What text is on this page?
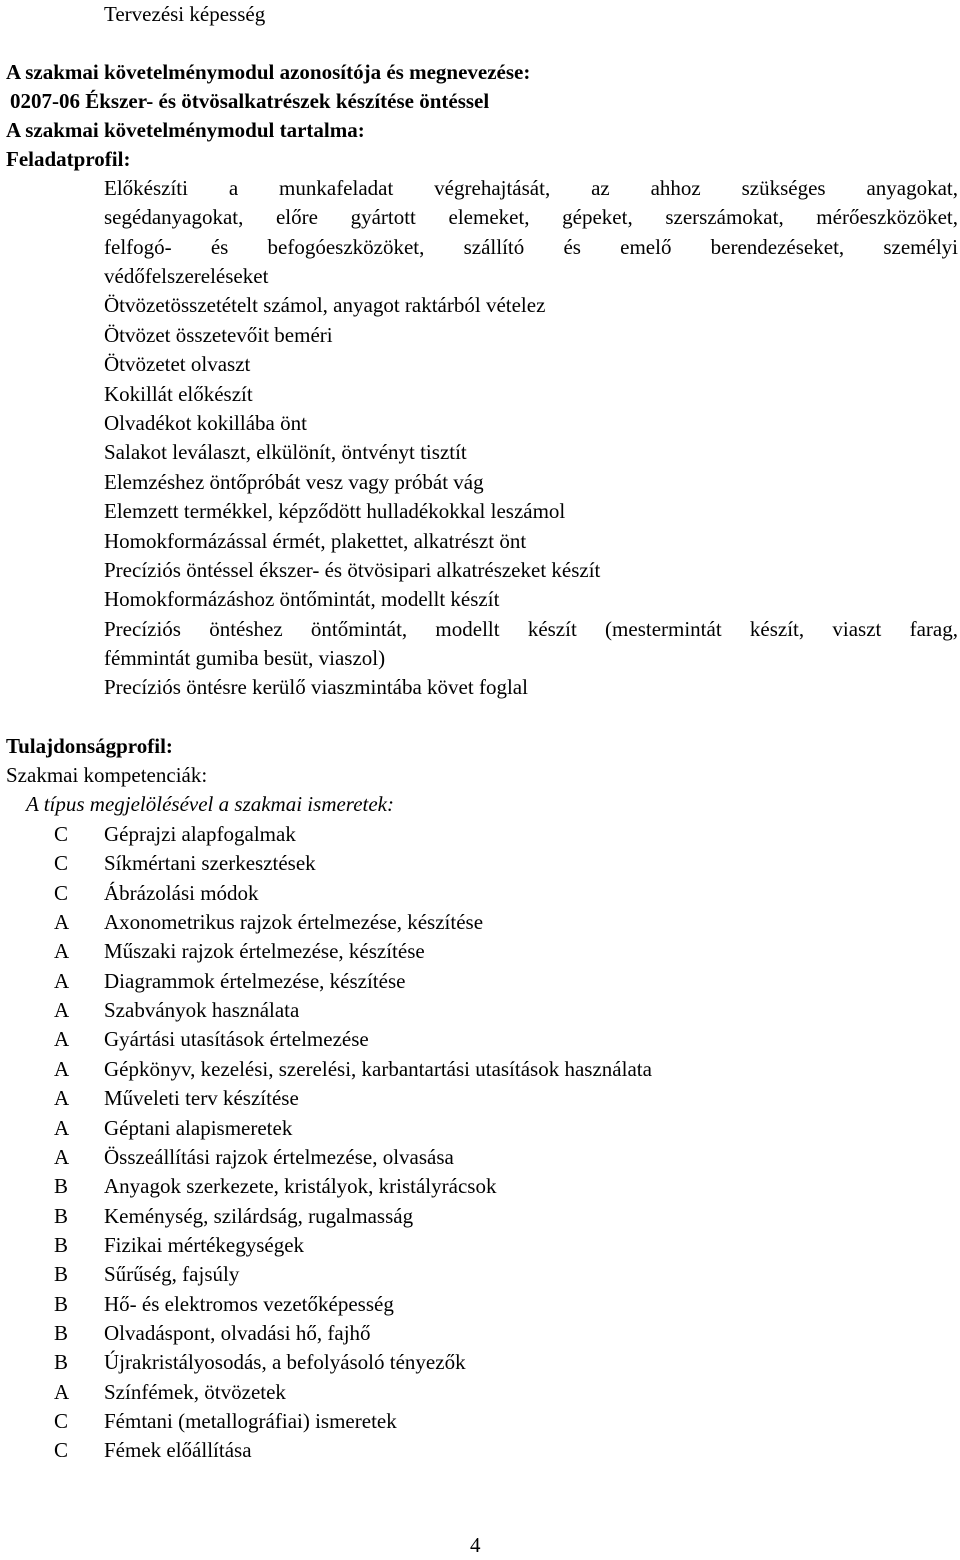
Tervezési képesség
A szakmai követelménymodul azonosítója és megnevezése:
0207-06 Ékszer- és ötvösalkatrészek készítése öntéssel
A szakmai követelménymodul tartalma:
Feladatprofil:
Előkészíti a munkafeladat végrehajtását, az ahhoz szükséges anyagokat,
segédanyagokat, előre gyártott elemeket, gépeket, szerszámokat, mérőeszközöket,
felfogó- és befogóeszközöket, szállító és emelő berendezéseket, személyi
védőfelszereléseket
Ötvözetösszetételt számol, anyagot raktárból vételez
Ötvözet összetevőit beméri
Ötvözetet olvaszt
Kokillát előkészít
Olvadékot kokillába önt
Salakot leválaszt, elkülönít, öntvényt tisztít
Elemzéshez öntőpróbát vesz vagy próbát vág
Elemzett termékkel, képződött hulladékokkal leszámol
Homokformázással érmét, plakettet, alkatrészt önt
Precíziós öntéssel ékszer- és ötvösipari alkatrészeket készít
Homokformázáshoz öntőmintát, modellt készít
Precíziós öntéshez öntőmintát, modellt készít (mestermintát készít, viaszt farag,
fémmintát gumiba besüt, viaszol)
Precíziós öntésre kerülő viaszmintába követ foglal
Tulajdonságprofil:
Szakmai kompetenciák:
A típus megjelölésével a szakmai ismeretek:
C Géprajzi alapfogalmak
C Síkmértani szerkesztések
C Ábrázolási módok
A Axonometrikus rajzok értelmezése, készítése
A Műszaki rajzok értelmezése, készítése
A Diagrammok értelmezése, készítése
A Szabványok használata
A Gyártási utasítások értelmezése
A Gépkönyv, kezelési, szerelési, karbantartási utasítások használata
A Műveleti terv készítése
A Géptani alapismeretek
A Összeállítási rajzok értelmezése, olvasása
B Anyagok szerkezete, kristályok, kristályrácsok
B Keménység, szilárdság, rugalmasság
B Fizikai mértékegységek
B Sűrűség, fajsúly
B Hő- és elektromos vezetőképesség
B Olvadáspont, olvadási hő, fajhő
B Újrakristályosodás, a befolyásoló tényezők
A Színfémek, ötvözetek
C Fémtani (metallográfiai) ismeretek
C Fémek előállítása
4
